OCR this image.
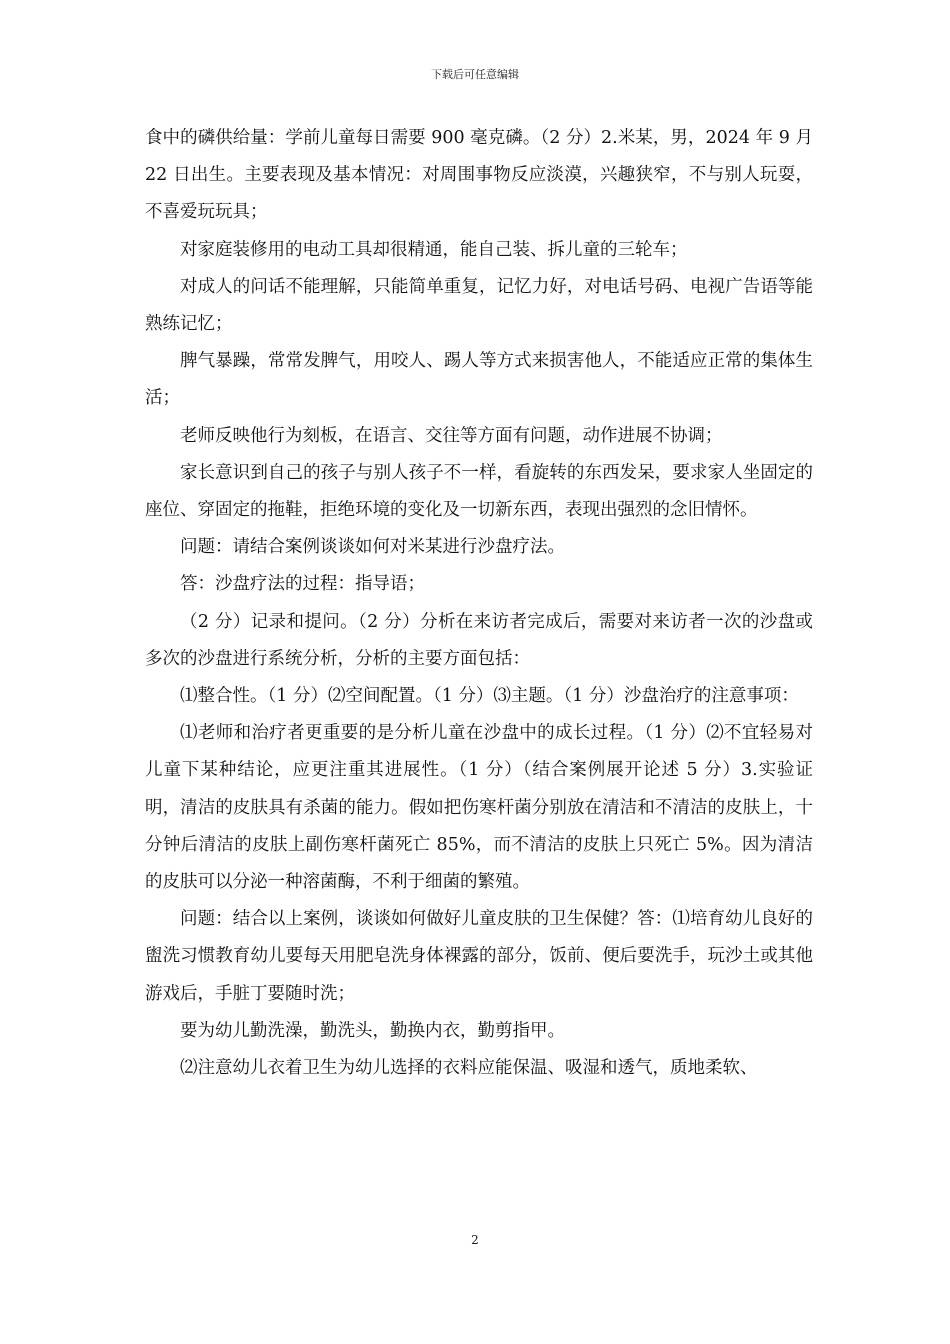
下载后可任意编辑

食中的磷供给量：学前儿童每日需要 900 毫克磷。（2 分）2.米某，男，2024 年 9 月 22 日出生。主要表现及基本情况：对周围事物反应淡漠，兴趣狭窄，不与别人玩耍，不喜爱玩玩具；

对家庭装修用的电动工具却很精通，能自己装、拆儿童的三轮车；

对成人的问话不能理解，只能简单重复，记忆力好，对电话号码、电视广告语等能熟练记忆；

脾气暴躁，常常发脾气，用咬人、踢人等方式来损害他人，不能适应正常的集体生活；

老师反映他行为刻板，在语言、交往等方面有问题，动作进展不协调；

家长意识到自己的孩子与别人孩子不一样，看旋转的东西发呆，要求家人坐固定的座位、穿固定的拖鞋，拒绝环境的变化及一切新东西，表现出强烈的念旧情怀。

问题：请结合案例谈谈如何对米某进行沙盘疗法。

答：沙盘疗法的过程：指导语；

（2 分）记录和提问。（2 分）分析在来访者完成后，需要对来访者一次的沙盘或多次的沙盘进行系统分析，分析的主要方面包括：

⑴整合性。（1 分）⑵空间配置。（1 分）⑶主题。（1 分）沙盘治疗的注意事项：

⑴老师和治疗者更重要的是分析儿童在沙盘中的成长过程。（1 分）⑵不宜轻易对儿童下某种结论，应更注重其进展性。（1 分）（结合案例展开论述 5 分）3.实验证明，清洁的皮肤具有杀菌的能力。假如把伤寒杆菌分别放在清洁和不清洁的皮肤上，十分钟后清洁的皮肤上副伤寒杆菌死亡 85%，而不清洁的皮肤上只死亡 5%。因为清洁的皮肤可以分泌一种溶菌酶，不利于细菌的繁殖。

问题：结合以上案例，谈谈如何做好儿童皮肤的卫生保健？答：⑴培育幼儿良好的盥洗习惯教育幼儿要每天用肥皂洗身体裸露的部分，饭前、便后要洗手，玩沙土或其他游戏后，手脏丁要随时洗；

要为幼儿勤洗澡，勤洗头，勤换内衣，勤剪指甲。

⑵注意幼儿衣着卫生为幼儿选择的衣料应能保温、吸湿和透气，质地柔软、

2
